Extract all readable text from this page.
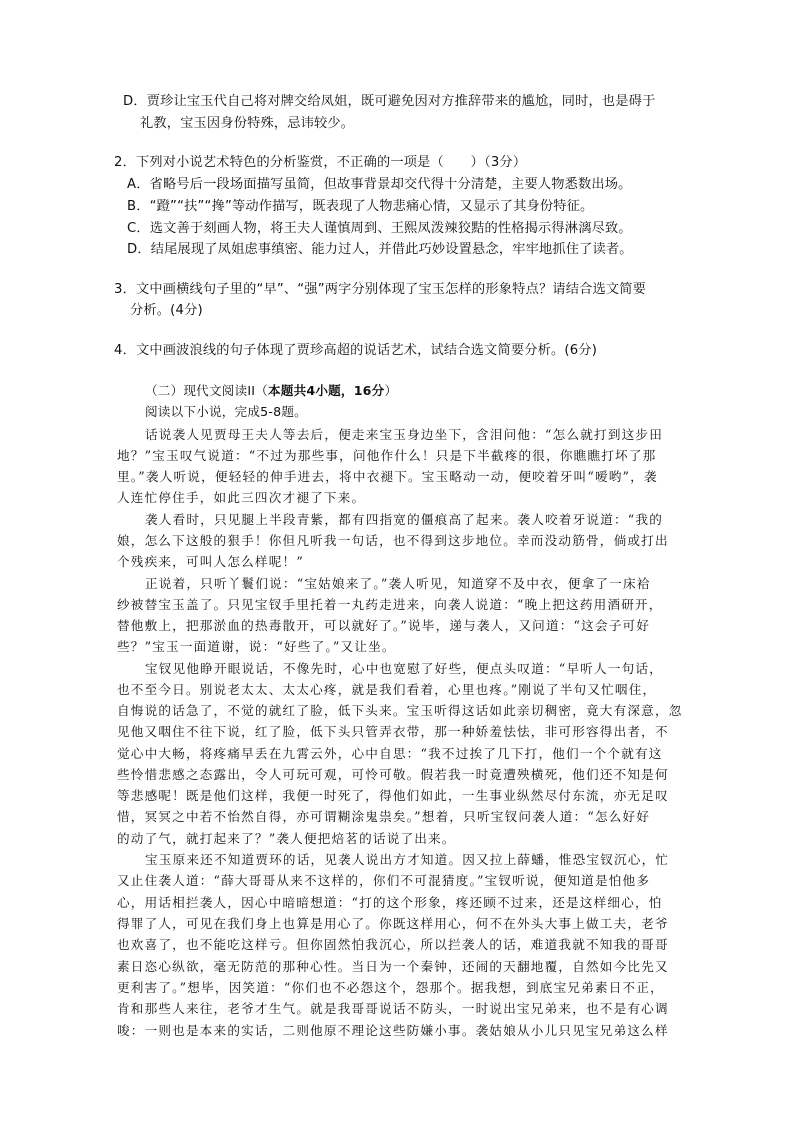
D．贾珍让宝玉代自己将对牌交给凤姐，既可避免因对方推辞带来的尴尬，同时，也是碍于
礼教，宝玉因身份特殊，忌讳较少。
2．下列对小说艺术特色的分析鉴赏，不正确的一项是（　　）（3分）
A．省略号后一段场面描写虽简，但故事背景却交代得十分清楚，主要人物悉数出场。
B．“蹬”“扶”“搀”等动作描写，既表现了人物悲痛心情，又显示了其身份特征。
C．选文善于刻画人物，将王夫人谨慎周到、王熙凤泼辣狡黠的性格揭示得淋漓尽致。
D．结尾展现了凤姐虑事缜密、能力过人，并借此巧妙设置悬念，牢牢地抓住了读者。
3．文中画横线句子里的“早”、“强”两字分别体现了宝玉怎样的形象特点？请结合选文简要
分析。(4分)
4．文中画波浪线的句子体现了贾珍高超的说话艺术，试结合选文简要分析。(6分)
（二）现代文阅读II（本题共4小题，16分）
阅读以下小说，完成5-8题。
话说袭人见贾母王夫人等去后，便走来宝玉身边坐下，含泪问他：“怎么就打到这步田
地？”宝玉叹气说道：“不过为那些事，问他作什么！只是下半截疼的很，你瞧瞧打坏了那
里。”袭人听说，便轻轻的伸手进去，将中衣褪下。宝玉略动一动，便咬着牙叫“嗳哟”，袭
人连忙停住手，如此三四次才褪了下来。
袭人看时，只见腿上半段青紫，都有四指宽的僵痕高了起来。袭人咬着牙说道：“我的
娘，怎么下这般的狠手！你但凡听我一句话，也不得到这步地位。幸而没动筋骨，倘或打出
个残疾来，可叫人怎么样呢！”
正说着，只听丫鬟们说：“宝姑娘来了。”袭人听见，知道穿不及中衣，便拿了一床袷
纱被替宝玉盖了。只见宝钗手里托着一丸药走进来，向袭人说道：“晚上把这药用酒研开，
替他敷上，把那淤血的热毒散开，可以就好了。”说毕，递与袭人，又问道：“这会子可好
些？”宝玉一面道谢，说：“好些了。”又让坐。
宝钗见他睁开眼说话，不像先时，心中也宽慰了好些，便点头叹道：“早听人一句话，
也不至今日。别说老太太、太太心疼，就是我们看着，心里也疼。”刚说了半句又忙咽住，
自悔说的话急了，不觉的就红了脸，低下头来。宝玉听得这话如此亲切稠密，竟大有深意，忽
见他又咽住不往下说，红了脸，低下头只管弄衣带，那一种娇羞怯怯，非可形容得出者，不
觉心中大畅，将疼痛早丢在九霄云外，心中自思：“我不过挨了几下打，他们一个个就有这
些怜惜悲感之态露出，令人可玩可观，可怜可敬。假若我一时竟遭殃横死，他们还不知是何
等悲感呢！既是他们这样，我便一时死了，得他们如此，一生事业纵然尽付东流，亦无足叹
惜，冥冥之中若不怡然自得，亦可谓糊涂鬼祟矣。”想着，只听宝钗问袭人道：“怎么好好
的动了气，就打起来了？”袭人便把焙茗的话说了出来。
宝玉原来还不知道贾环的话，见袭人说出方才知道。因又拉上薛蟠，惟恐宝钗沉心，忙
又止住袭人道：“薛大哥哥从来不这样的，你们不可混猜度。”宝钗听说，便知道是怕他多
心，用话相拦袭人，因心中暗暗想道：“打的这个形象，疼还顾不过来，还是这样细心，怕
得罪了人，可见在我们身上也算是用心了。你既这样用心，何不在外头大事上做工夫，老爷
也欢喜了，也不能吃这样亏。但你固然怕我沉心，所以拦袭人的话，难道我就不知我的哥哥
素日恣心纵欲，毫无防范的那种心性。当日为一个秦钟，还闹的天翻地覆，自然如今比先又
更利害了。”想毕，因笑道：“你们也不必怨这个，怨那个。据我想，到底宝兄弟素日不正，
肯和那些人来往，老爷才生气。就是我哥哥说话不防头，一时说出宝兄弟来，也不是有心调
唆：一则也是本来的实话，二则他原不理论这些防嫌小事。袭姑娘从小儿只见宝兄弟这么样
